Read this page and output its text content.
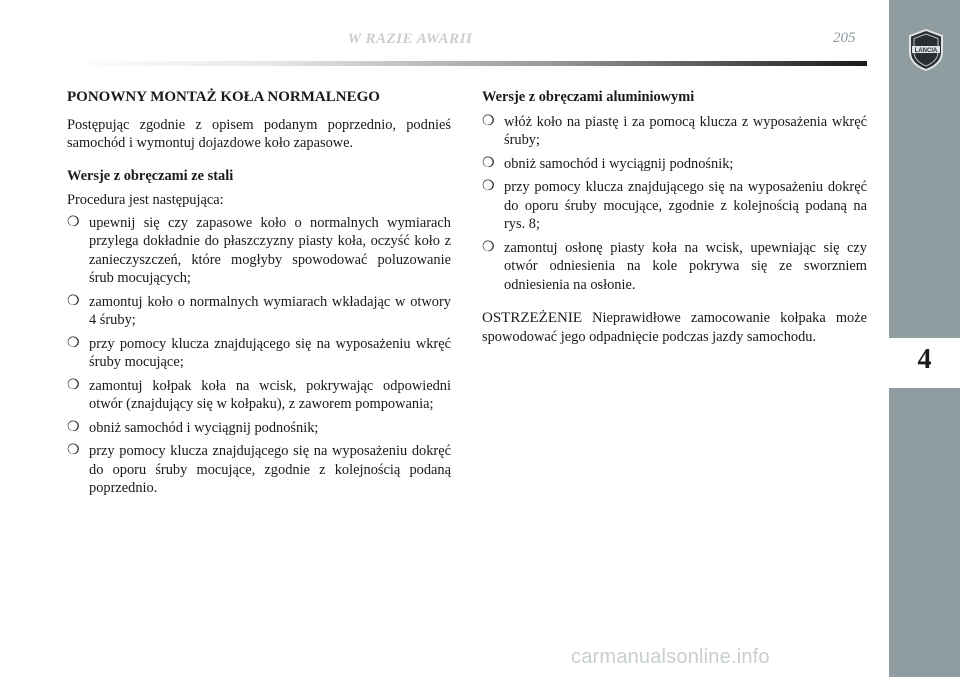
W RAZIE AWARII	205
LANCIA
4
PONOWNY MONTAŻ KOŁA NORMALNEGO

Postępując zgodnie z opisem podanym poprzednio, podnieś samochód i wymontuj dojazdowe koło zapasowe.

Wersje z obręczami ze stali

Procedura jest następująca:

❍ upewnij się czy zapasowe koło o normalnych wymiarach przylega dokładnie do płaszczyzny piasty koła, oczyść koło z zanieczyszczeń, które mogłyby spowodować poluzowanie śrub mocujących;
❍ zamontuj koło o normalnych wymiarach wkładając w otwory 4 śruby;
❍ przy pomocy klucza znajdującego się na wyposażeniu wkręć śruby mocujące;
❍ zamontuj kołpak koła na wcisk, pokrywając odpowiedni otwór (znajdujący się w kołpaku), z zaworem pompowania;
❍ obniż samochód i wyciągnij podnośnik;
❍ przy pomocy klucza znajdującego się na wyposażeniu dokręć do oporu śruby mocujące, zgodnie z kolejnością podaną poprzednio.
Wersje z obręczami aluminiowymi
❍ włóż koło na piastę i za pomocą klucza z wyposażenia wkręć śruby;
❍ obniż samochód i wyciągnij podnośnik;
❍ przy pomocy klucza znajdującego się na wyposażeniu dokręć do oporu śruby mocujące, zgodnie z kolejnością podaną na rys. 8;
❍ zamontuj osłonę piasty koła na wcisk, upewniając się czy otwór odniesienia na kole pokrywa się ze sworzniem odniesienia na osłonie.

OSTRZEŻENIE Nieprawidłowe zamocowanie kołpaka może spowodować jego odpadnięcie podczas jazdy samochodu.

carmanualsonline.info
